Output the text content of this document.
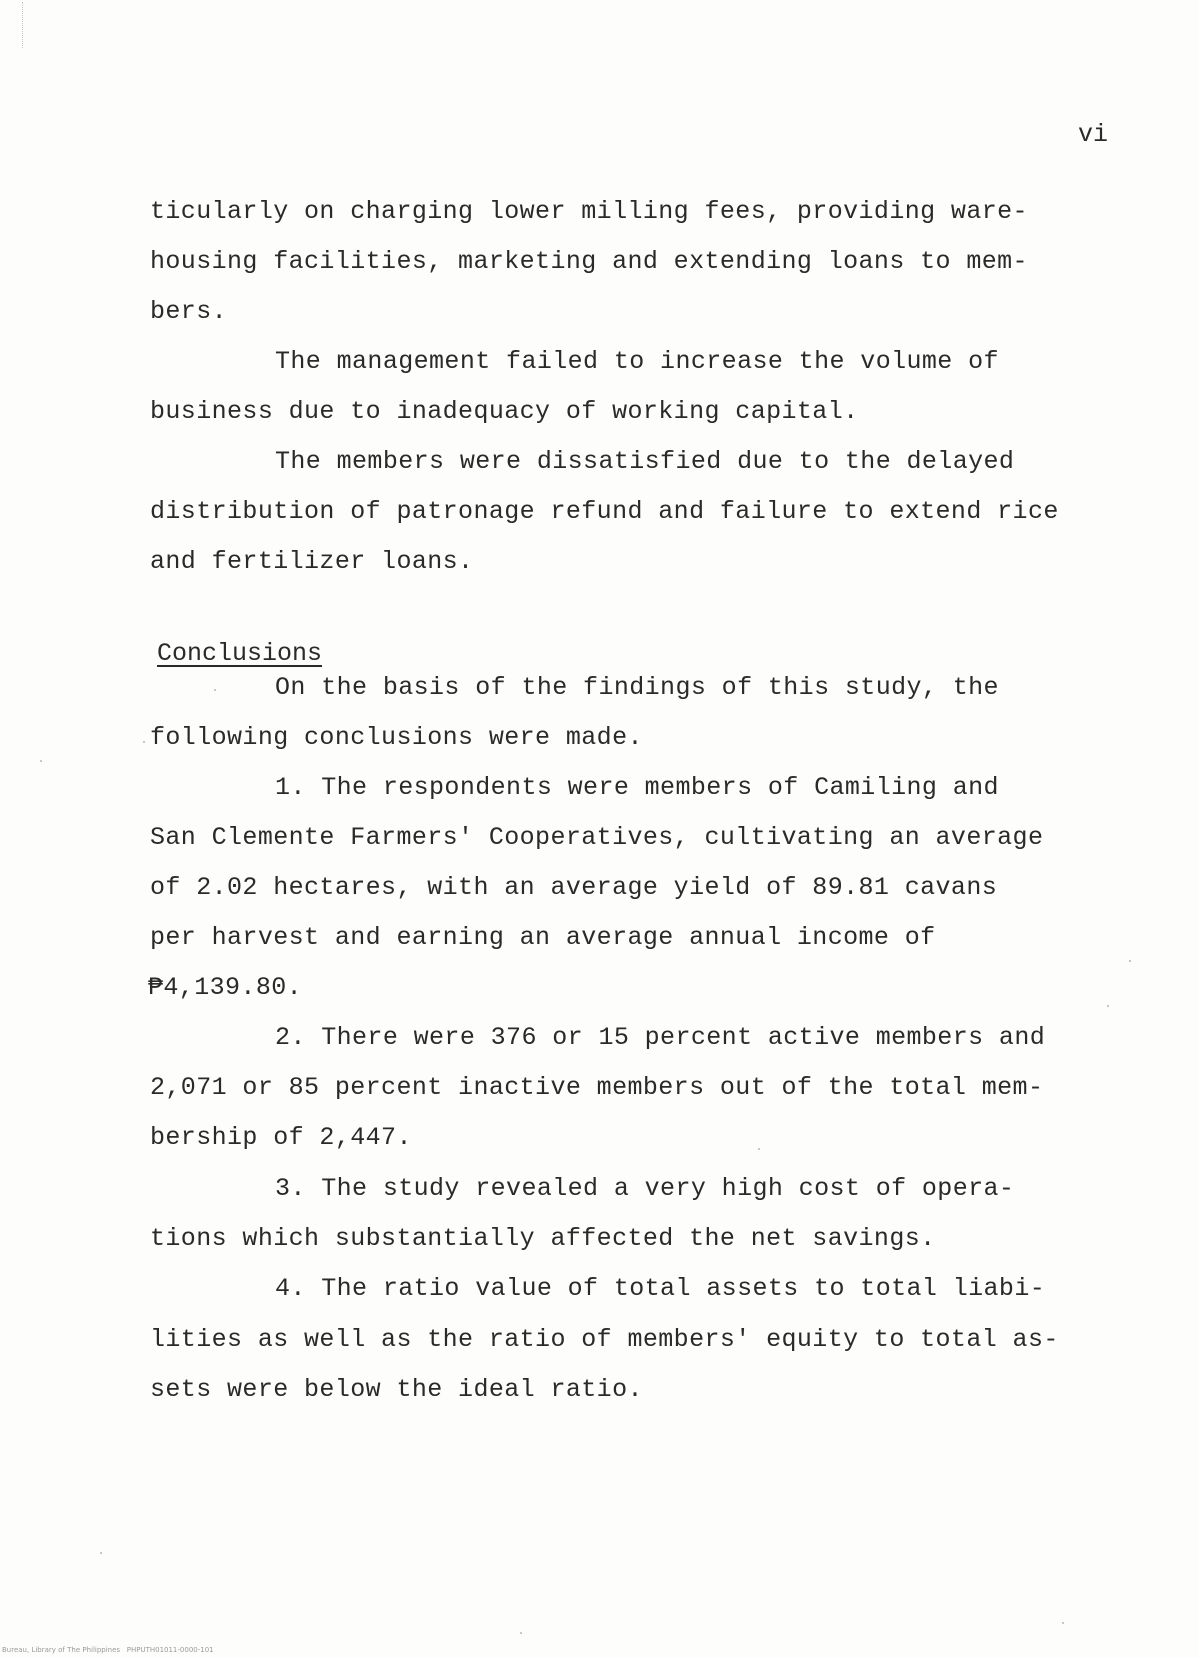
vi
ticularly on charging lower milling fees, providing ware-
housing facilities, marketing and extending loans to mem-
bers.
The management failed to increase the volume of
business due to inadequacy of working capital.
The members were dissatisfied due to the delayed
distribution of patronage refund and failure to extend rice
and fertilizer loans.
Conclusions
On the basis of the findings of this study, the
following conclusions were made.
1. The respondents were members of Camiling and
San Clemente Farmers' Cooperatives, cultivating an average
of 2.02 hectares, with an average yield of 89.81 cavans
per harvest and earning an average annual income of
₱4,139.80.
2. There were 376 or 15 percent active members and
2,071 or 85 percent inactive members out of the total mem-
bership of 2,447.
3. The study revealed a very high cost of opera-
tions which substantially affected the net savings.
4. The ratio value of total assets to total liabi-
lities as well as the ratio of members' equity to total as-
sets were below the ideal ratio.
Bureau, Library of The Philippines   PHPUTH01011-0000-101
